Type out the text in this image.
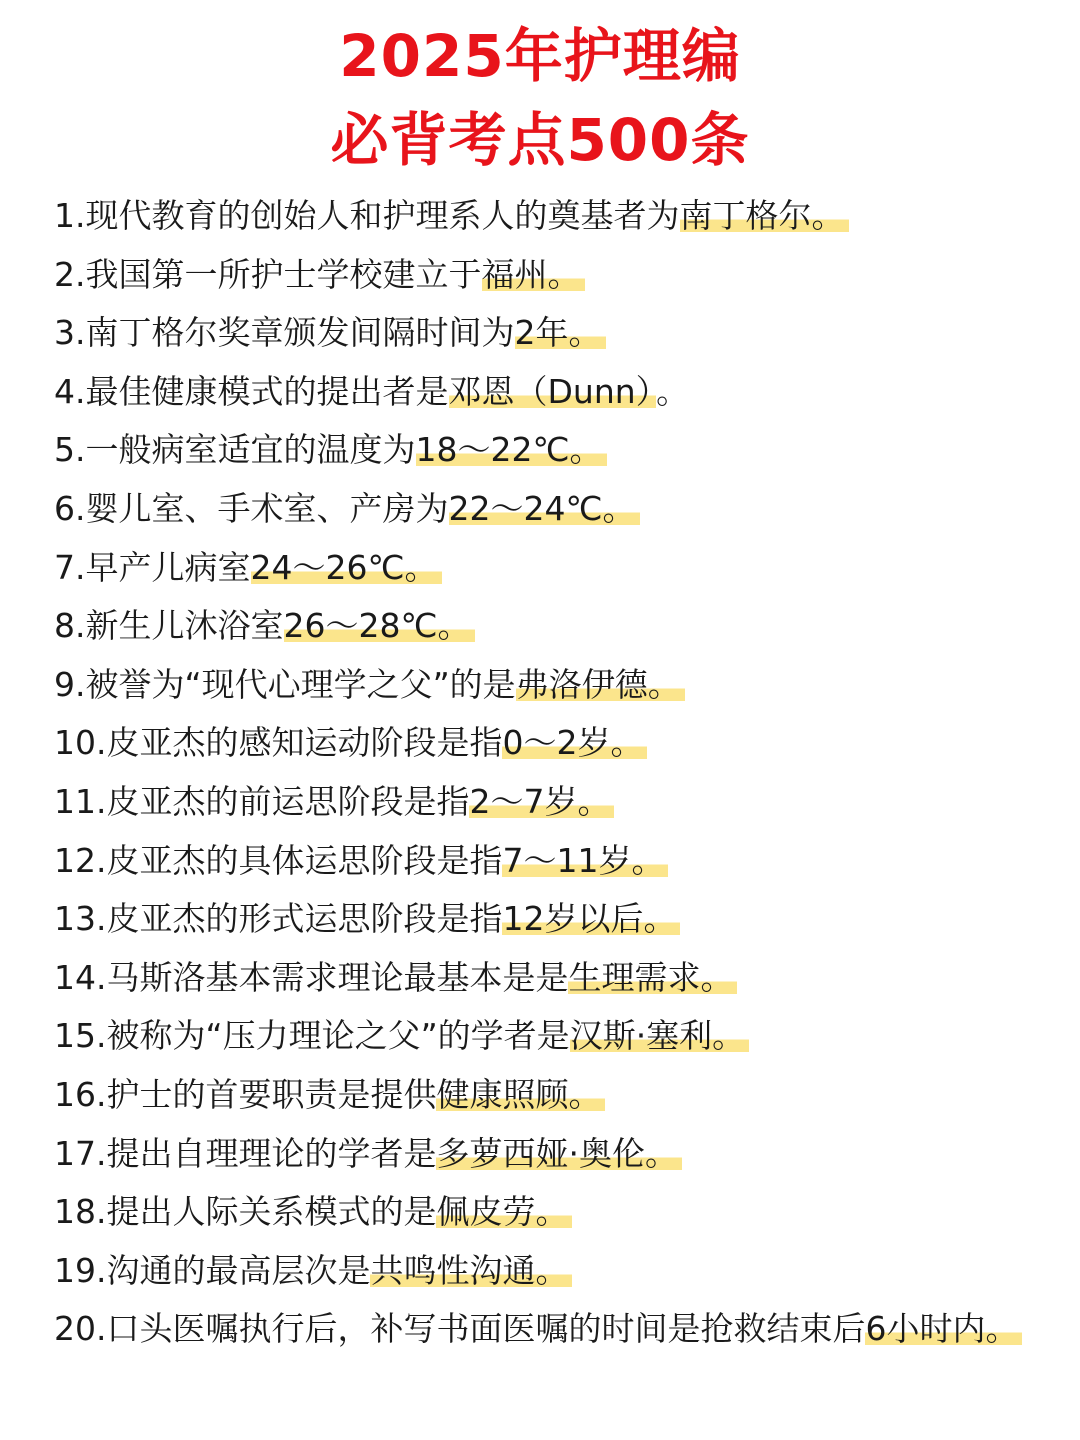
2025年护理编
必背考点500条
1.现代教育的创始人和护理系人的奠基者为南丁格尔。
2.我国第一所护士学校建立于福州。
3.南丁格尔奖章颁发间隔时间为2年。
4.最佳健康模式的提出者是邓恩（Dunn） 。
5.一般病室适宜的温度为18～22℃。
6.婴儿室、手术室、产房为22～24℃。
7.早产儿病室24～26℃。
8.新生儿沐浴室26～28℃。
9.被誉为“现代心理学之父”的是弗洛伊德。
10.皮亚杰的感知运动阶段是指0～2岁。
11.皮亚杰的前运思阶段是指2～7岁。
12.皮亚杰的具体运思阶段是指7～11岁。
13.皮亚杰的形式运思阶段是指12岁以后。
14.马斯洛基本需求理论最基本是是生理需求。
15.被称为“压力理论之父”的学者是汉斯·塞利。
16.护士的首要职责是提供健康照顾。
17.提出自理理论的学者是多萝西娅·奥伦。
18.提出人际关系模式的是佩皮劳。
19.沟通的最高层次是共鸣性沟通。
20.口头医嘱执行后，补写书面医嘱的时间是抢救结束后6小时内。
